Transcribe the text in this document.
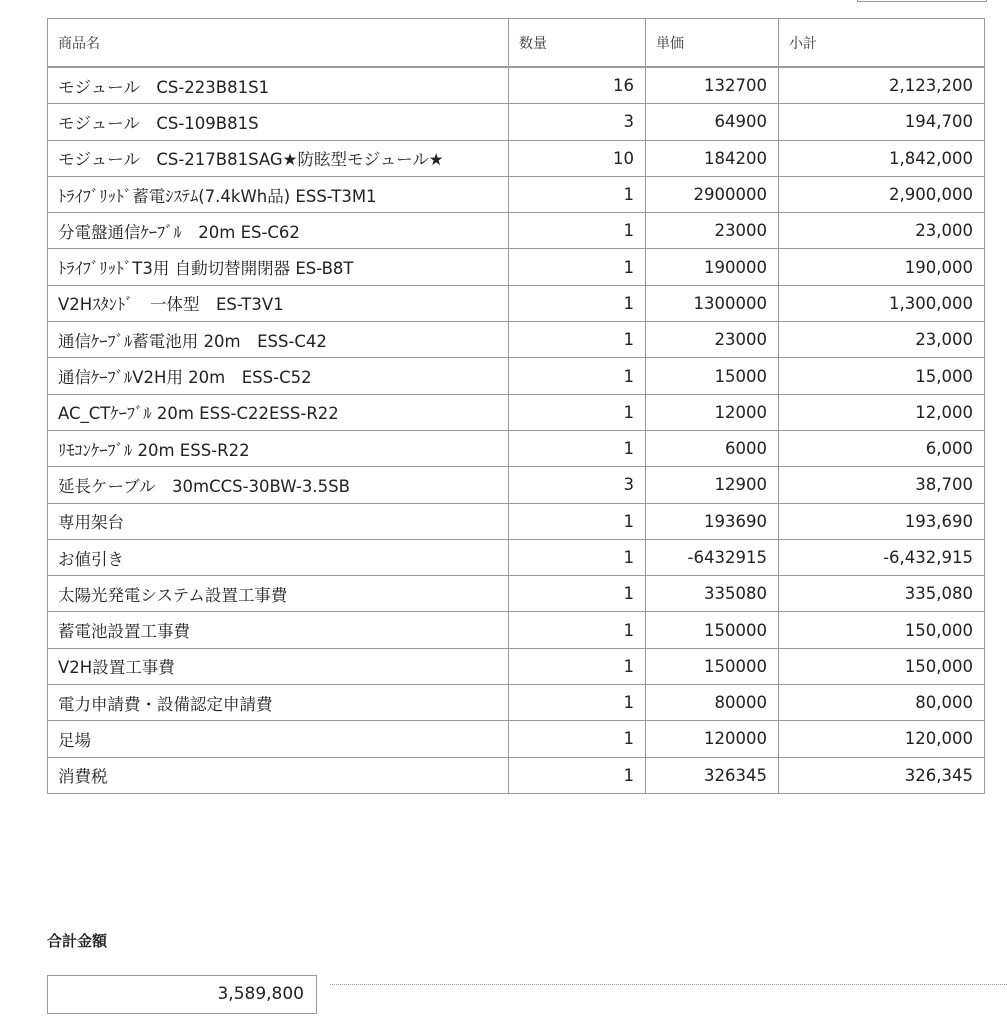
商品名	数量	単価	小計
モジュール　CS-223B81S1	16	132700	2,123,200
モジュール　CS-109B81S	3	64900	194,700
モジュール　CS-217B81SAG★防眩型モジュール★	10	184200	1,842,000
ﾄﾗｲﾌﾞﾘｯﾄﾞ蓄電ｼｽﾃﾑ(7.4kWh品) ESS-T3M1	1	2900000	2,900,000
分電盤通信ｹｰﾌﾞﾙ　20m ES-C62	1	23000	23,000
ﾄﾗｲﾌﾞﾘｯﾄﾞT3用 自動切替開閉器 ES-B8T	1	190000	190,000
V2Hｽﾀﾝﾄﾞ　一体型　ES-T3V1	1	1300000	1,300,000
通信ｹｰﾌﾞﾙ蓄電池用 20m　ESS-C42	1	23000	23,000
通信ｹｰﾌﾞﾙV2H用 20m　ESS-C52	1	15000	15,000
AC_CTｹｰﾌﾞﾙ 20m ESS-C22ESS-R22	1	12000	12,000
ﾘﾓｺﾝｹｰﾌﾞﾙ 20m ESS-R22	1	6000	6,000
延長ケーブル　30mCCS-30BW-3.5SB	3	12900	38,700
専用架台	1	193690	193,690
お値引き	1	-6432915	-6,432,915
太陽光発電システム設置工事費	1	335080	335,080
蓄電池設置工事費	1	150000	150,000
V2H設置工事費	1	150000	150,000
電力申請費・設備認定申請費	1	80000	80,000
足場	1	120000	120,000
消費税	1	326345	326,345
合計金額
3,589,800
